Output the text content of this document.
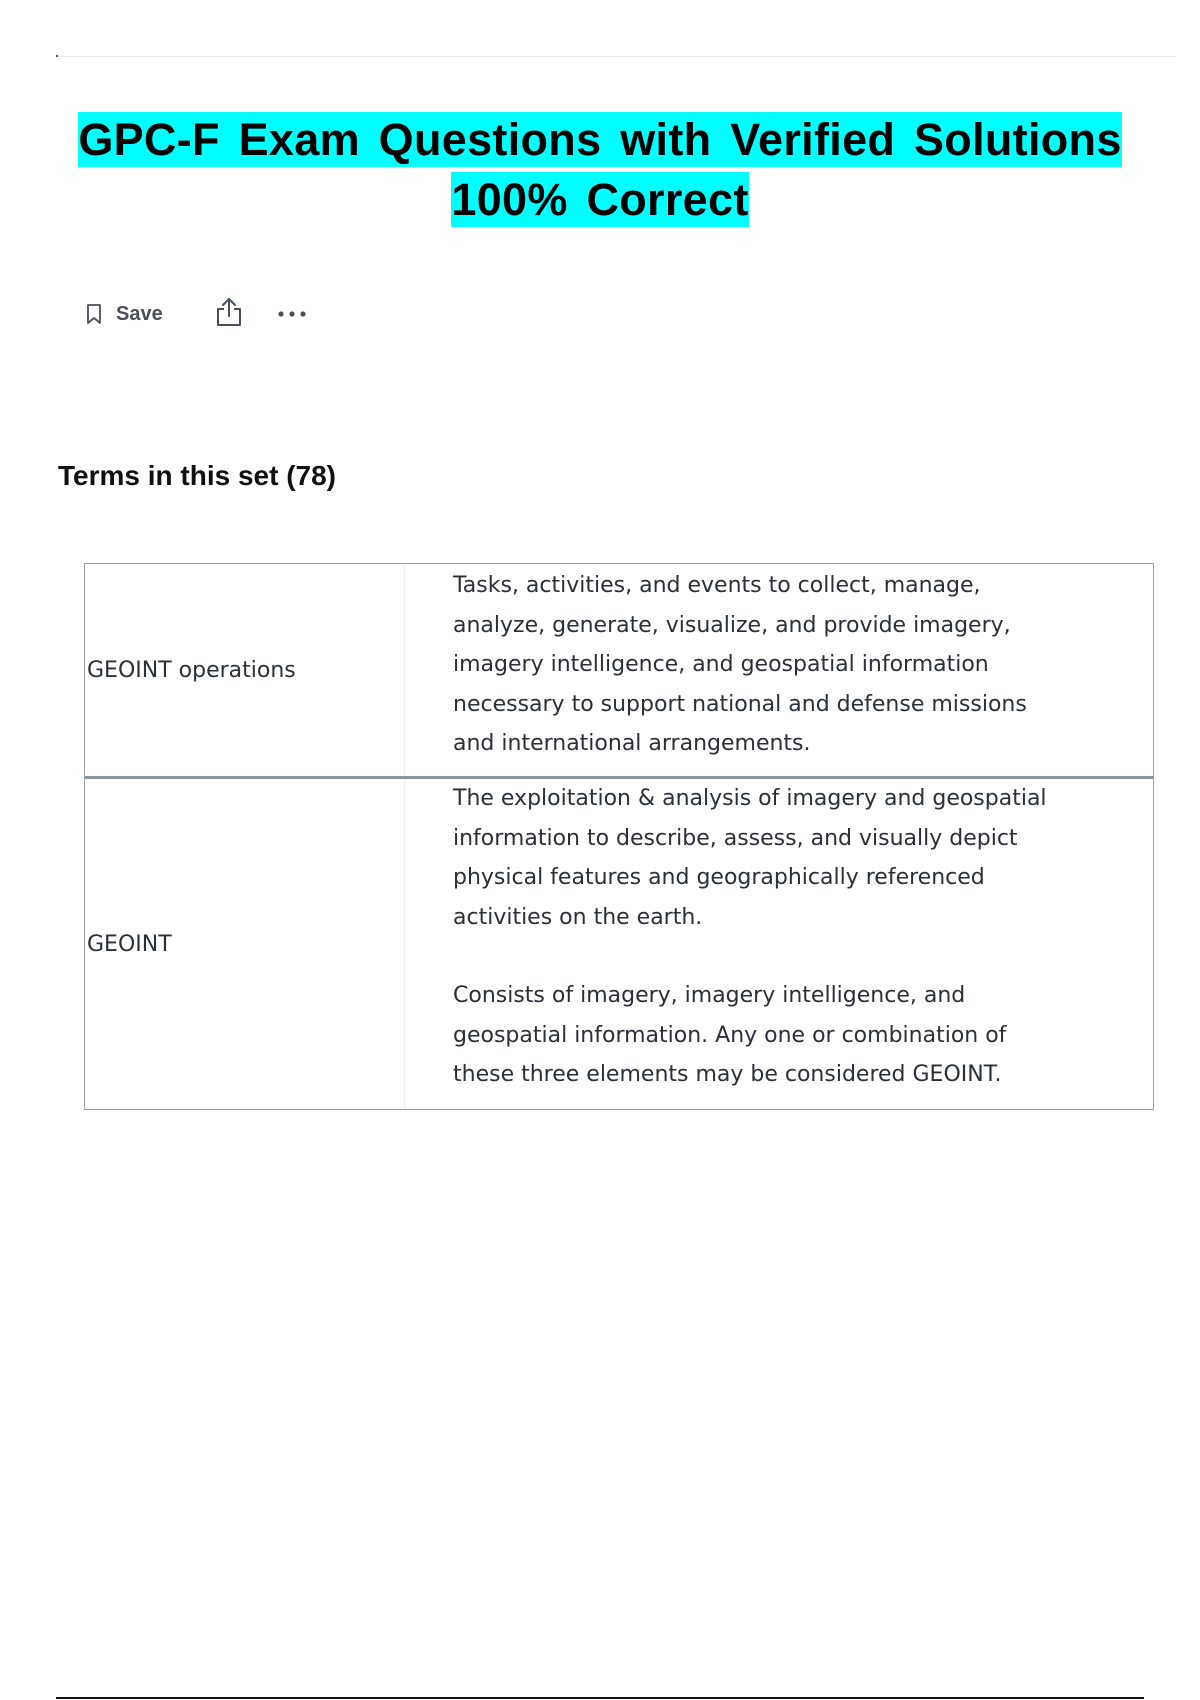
GPC-F Exam Questions with Verified Solutions
100% Correct
Save
Terms in this set (78)
GEOINT operations

Tasks, activities, and events to collect, manage,
analyze, generate, visualize, and provide imagery,
imagery intelligence, and geospatial information
necessary to support national and defense missions
and international arrangements.

GEOINT

The exploitation & analysis of imagery and geospatial
information to describe, assess, and visually depict
physical features and geographically referenced
activities on the earth.

Consists of imagery, imagery intelligence, and
geospatial information. Any one or combination of
these three elements may be considered GEOINT.
